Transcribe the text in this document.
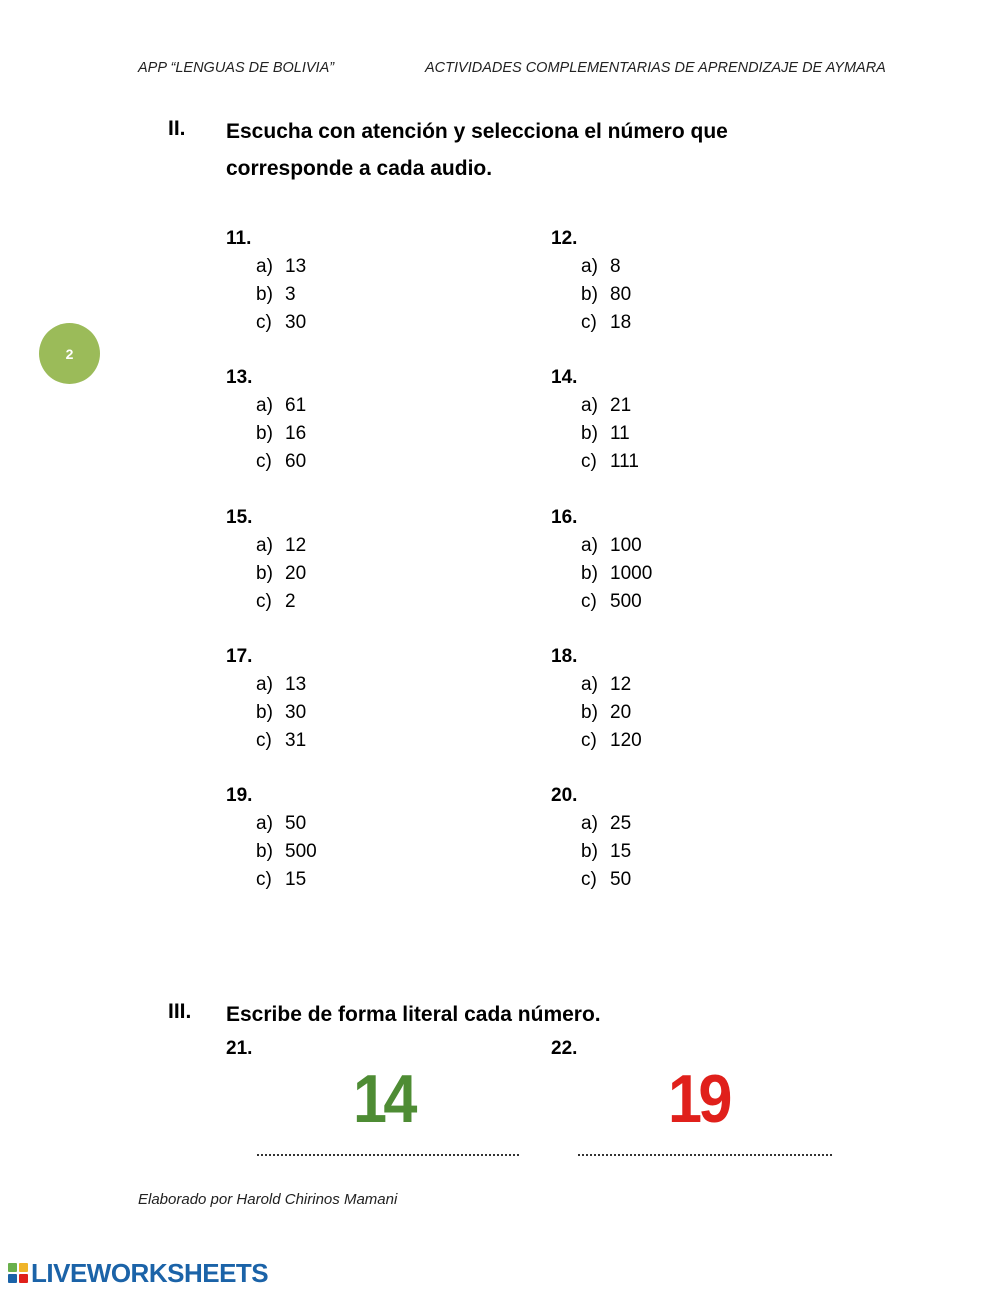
APP “LENGUAS DE BOLIVIA”	ACTIVIDADES COMPLEMENTARIAS DE APRENDIZAJE DE AYMARA
2
II. Escucha con atención y selecciona el número que corresponde a cada audio.
11.
a) 13
b) 3
c) 30
12.
a) 8
b) 80
c) 18
13.
a) 61
b) 16
c) 60
14.
a) 21
b) 11
c) 111
15.
a) 12
b) 20
c) 2
16.
a) 100
b) 1000
c) 500
17.
a) 13
b) 30
c) 31
18.
a) 12
b) 20
c) 120
19.
a) 50
b) 500
c) 15
20.
a) 25
b) 15
c) 50
III. Escribe de forma literal cada número.
21.	22.
14	19
Elaborado por Harold Chirinos Mamani
LIVEWORKSHEETS
